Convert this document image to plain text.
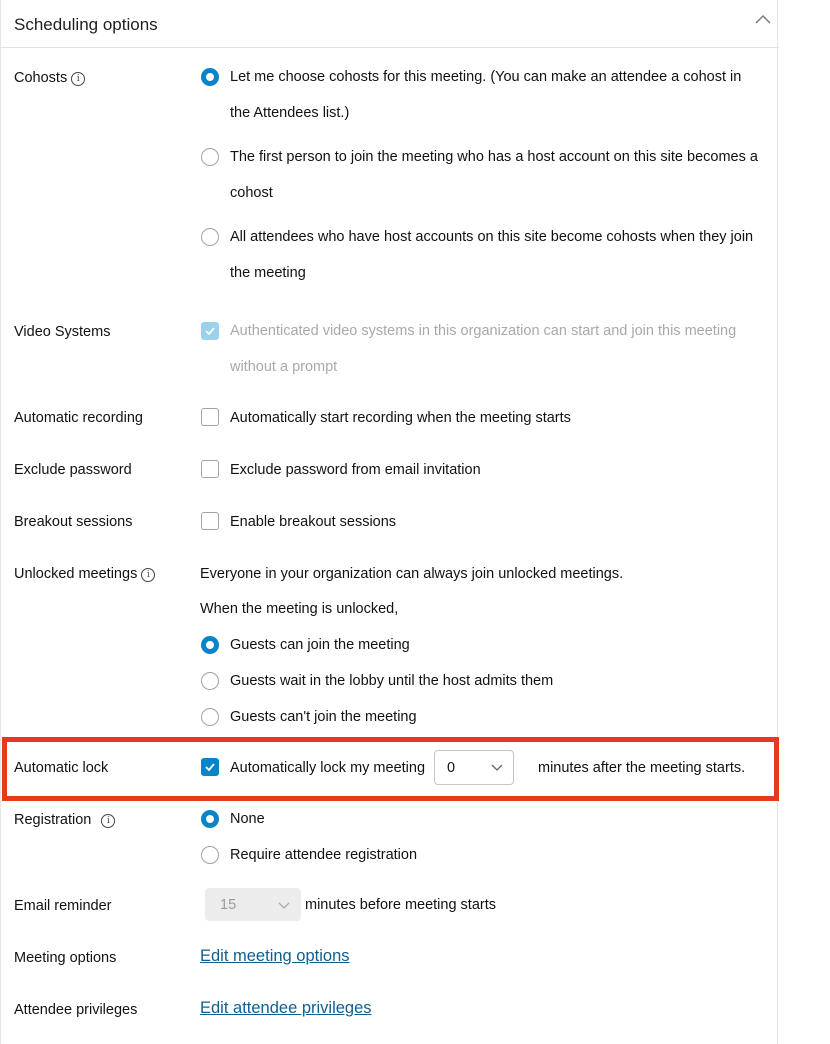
Scheduling options
Cohosts i	Let me choose cohosts for this meeting. (You can make an attendee a cohost in
the Attendees list.)
The first person to join the meeting who has a host account on this site becomes a
cohost
All attendees who have host accounts on this site become cohosts when they join
the meeting
Video Systems	Authenticated video systems in this organization can start and join this meeting
without a prompt
Automatic recording	Automatically start recording when the meeting starts
Exclude password	Exclude password from email invitation
Breakout sessions	Enable breakout sessions
Unlocked meetings i	Everyone in your organization can always join unlocked meetings.
When the meeting is unlocked,
Guests can join the meeting
Guests wait in the lobby until the host admits them
Guests can't join the meeting
Automatic lock	Automatically lock my meeting	0	minutes after the meeting starts.
Registration i	None
Require attendee registration
Email reminder	15	minutes before meeting starts
Meeting options	Edit meeting options
Attendee privileges	Edit attendee privileges
